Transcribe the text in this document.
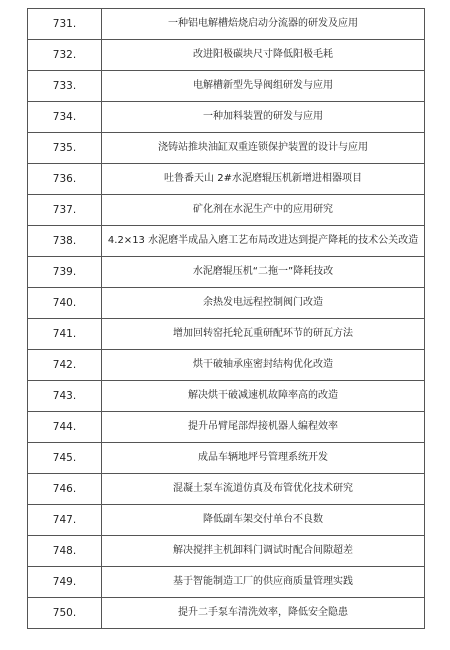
731.	一种铝电解槽焙烧启动分流器的研发及应用
732.	改进阳极碳块尺寸降低阳极毛耗
733.	电解槽新型先导阀组研发与应用
734.	一种加料装置的研发与应用
735.	浇铸站推块油缸双重连锁保护装置的设计与应用
736.	吐鲁番天山 2#水泥磨辊压机新增进相器项目
737.	矿化剂在水泥生产中的应用研究
738.	4.2×13 水泥磨半成品入磨工艺布局改进达到提产降耗的技术公关改造
739.	水泥磨辊压机“二拖一”降耗技改
740.	余热发电远程控制阀门改造
741.	增加回转窑托轮瓦重研配环节的研瓦方法
742.	烘干破轴承座密封结构优化改造
743.	解决烘干破减速机故障率高的改造
744.	提升吊臂尾部焊接机器人编程效率
745.	成品车辆地坪号管理系统开发
746.	混凝土泵车流道仿真及布管优化技术研究
747.	降低副车架交付单台不良数
748.	解决搅拌主机卸料门调试时配合间隙超差
749.	基于智能制造工厂的供应商质量管理实践
750.	提升二手泵车清洗效率，降低安全隐患
